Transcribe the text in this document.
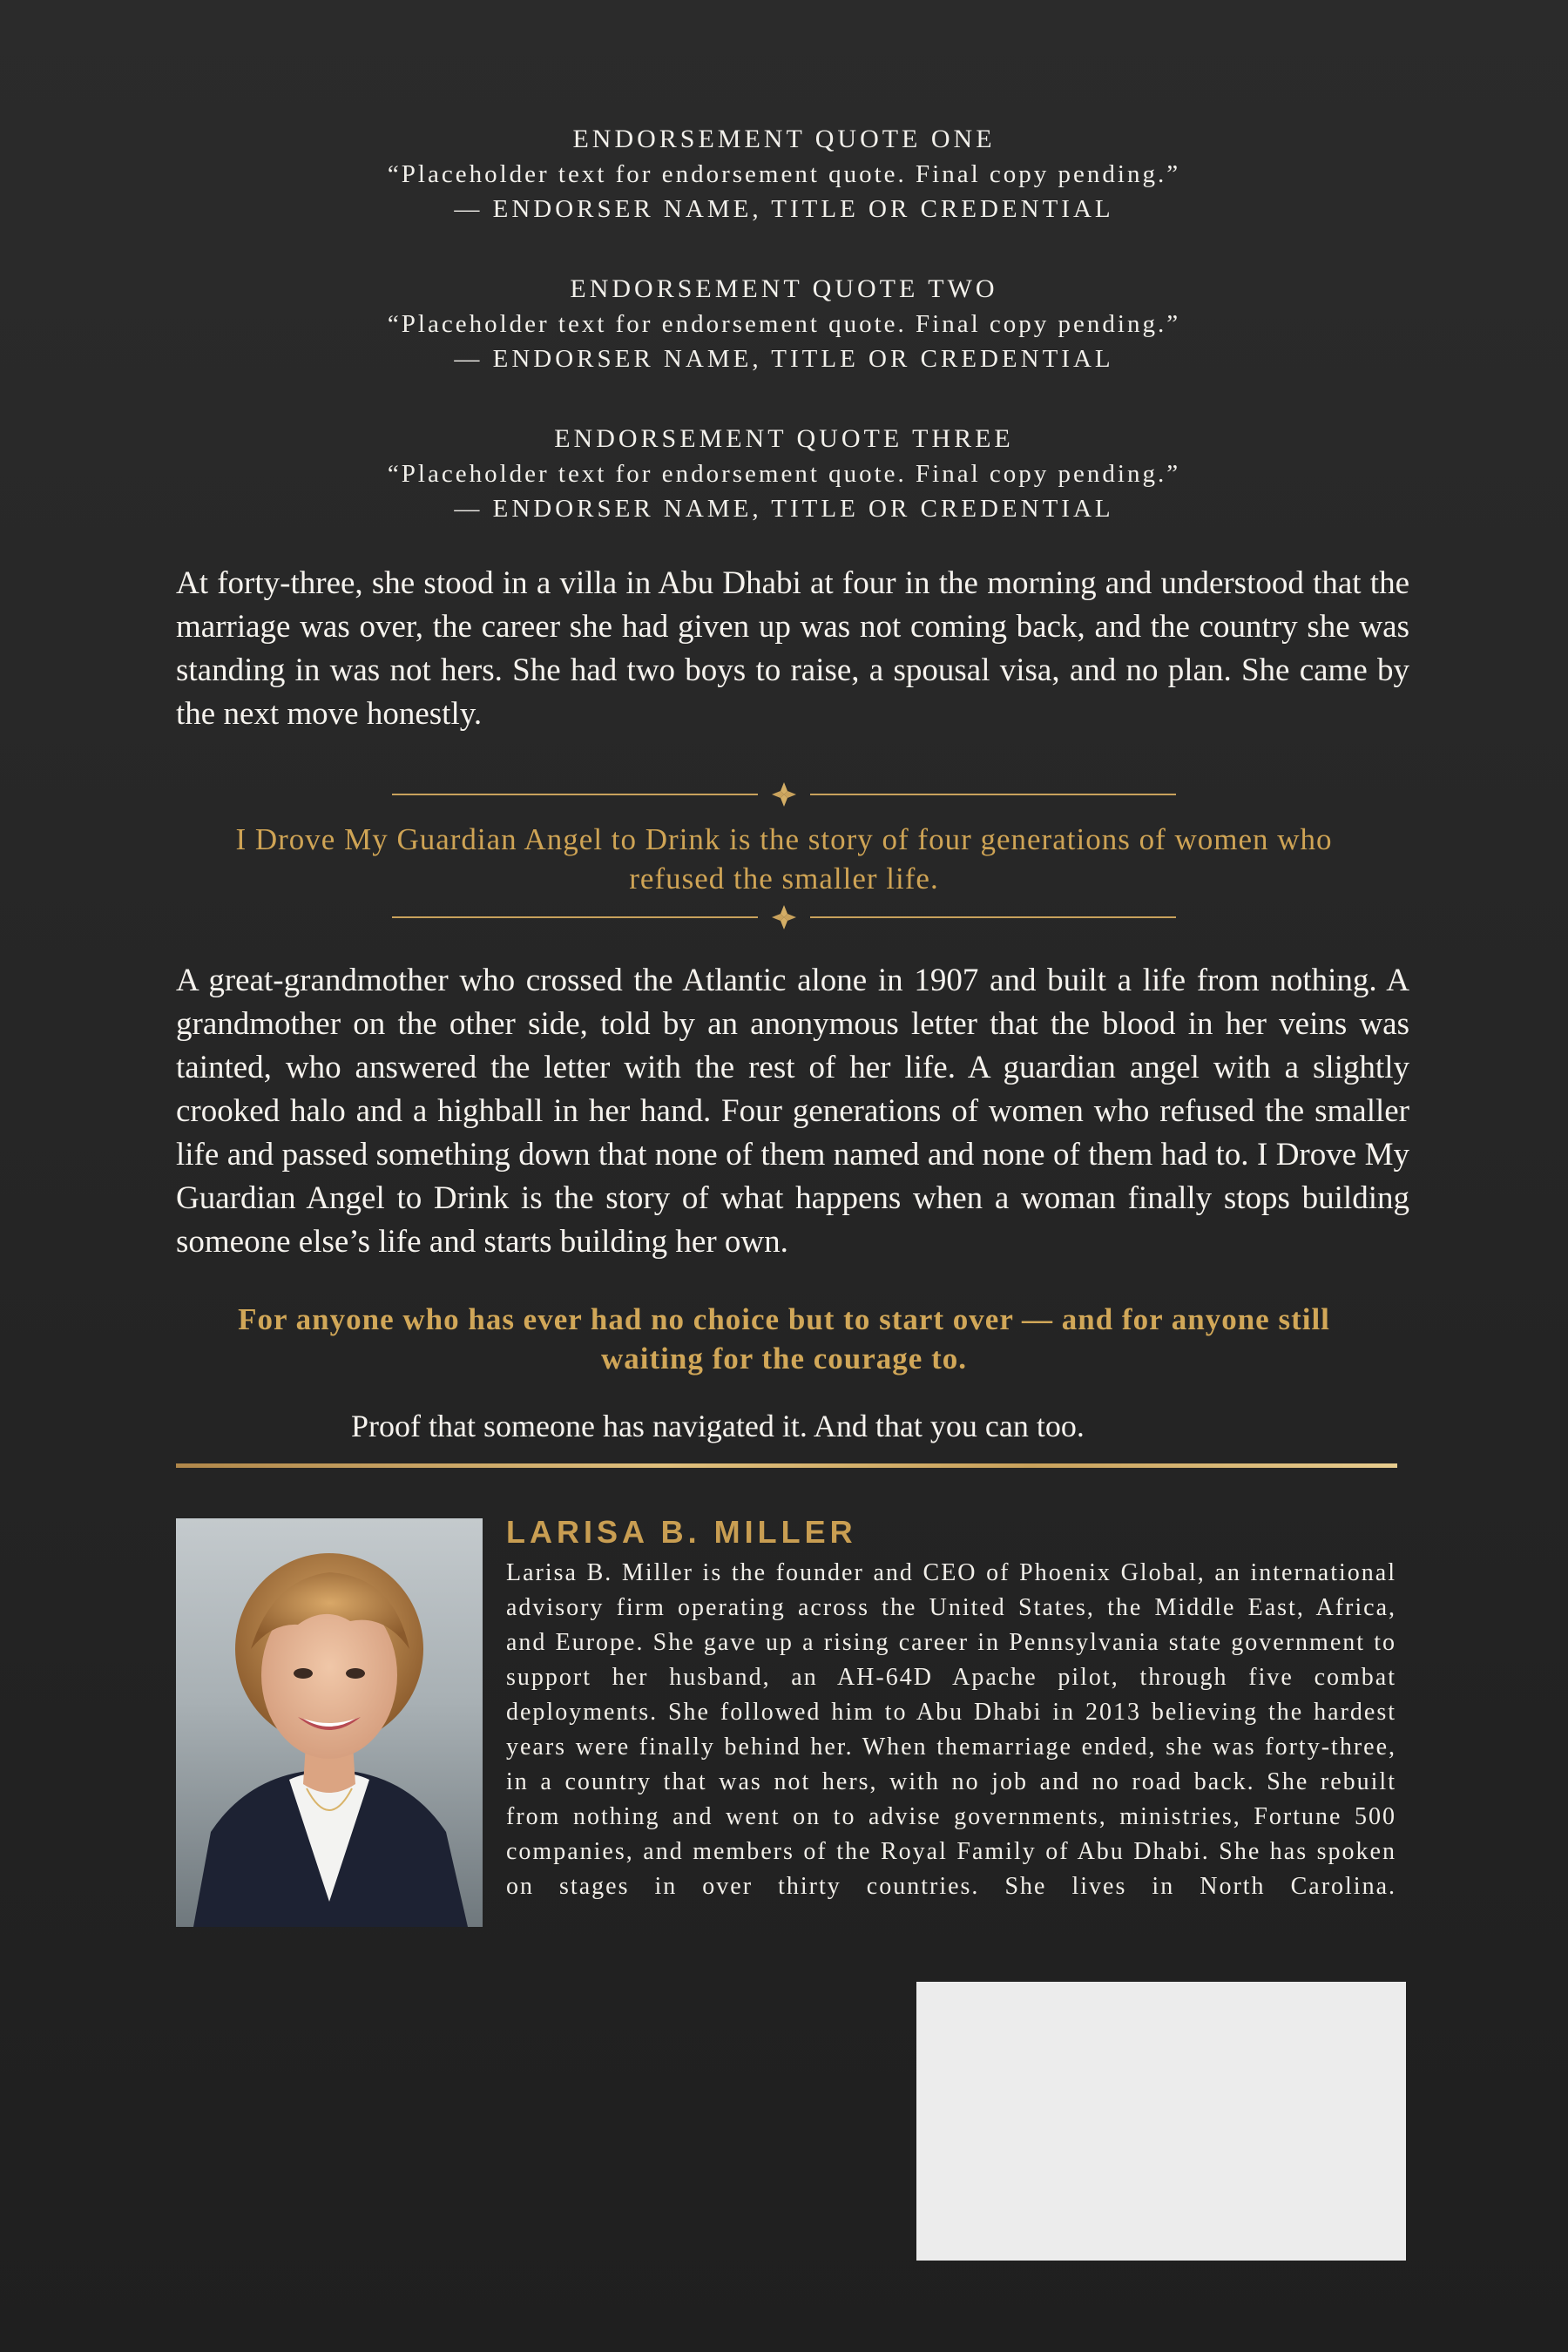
ENDORSEMENT QUOTE ONE
“Placeholder text for endorsement quote. Final copy pending.”
— ENDORSER NAME, TITLE OR CREDENTIAL
ENDORSEMENT QUOTE TWO
“Placeholder text for endorsement quote. Final copy pending.”
— ENDORSER NAME, TITLE OR CREDENTIAL
ENDORSEMENT QUOTE THREE
“Placeholder text for endorsement quote. Final copy pending.”
— ENDORSER NAME, TITLE OR CREDENTIAL

At forty-three, she stood in a villa in Abu Dhabi at four in the morning and understood that the marriage was over, the career she had given up was not coming back, and the country she was standing in was not hers. She had two boys to raise, a spousal visa, and no plan. She came by the next move honestly.

I Drove My Guardian Angel to Drink is the story of four generations of women who refused the smaller life.

A great-grandmother who crossed the Atlantic alone in 1907 and built a life from nothing. A grandmother on the other side, told by an anonymous letter that the blood in her veins was tainted, who answered the letter with the rest of her life. A guardian angel with a slightly crooked halo and a highball in her hand. Four generations of women who refused the smaller life and passed something down that none of them named and none of them had to. I Drove My Guardian Angel to Drink is the story of what happens when a woman finally stops building someone else’s life and starts building her own.

For anyone who has ever had no choice but to start over — and for anyone still waiting for the courage to.
Proof that someone has navigated it. And that you can too.
LARISA B. MILLER

Larisa B. Miller is the founder and CEO of Phoenix Global, an international advisory firm operating across the United States, the Middle East, Africa, and Europe. She gave up a rising career in Pennsylvania state government to support her husband, an AH-64D Apache pilot, through five combat deployments. She followed him to Abu Dhabi in 2013 believing the hardest years were finally behind her. When themarriage ended, she was forty-three, in a country that was not hers, with no job and no road back. She rebuilt from nothing and went on to advise governments, ministries, Fortune 500 companies, and members of the Royal Family of Abu Dhabi. She has spoken on stages in over thirty countries. She lives in North Carolina.
